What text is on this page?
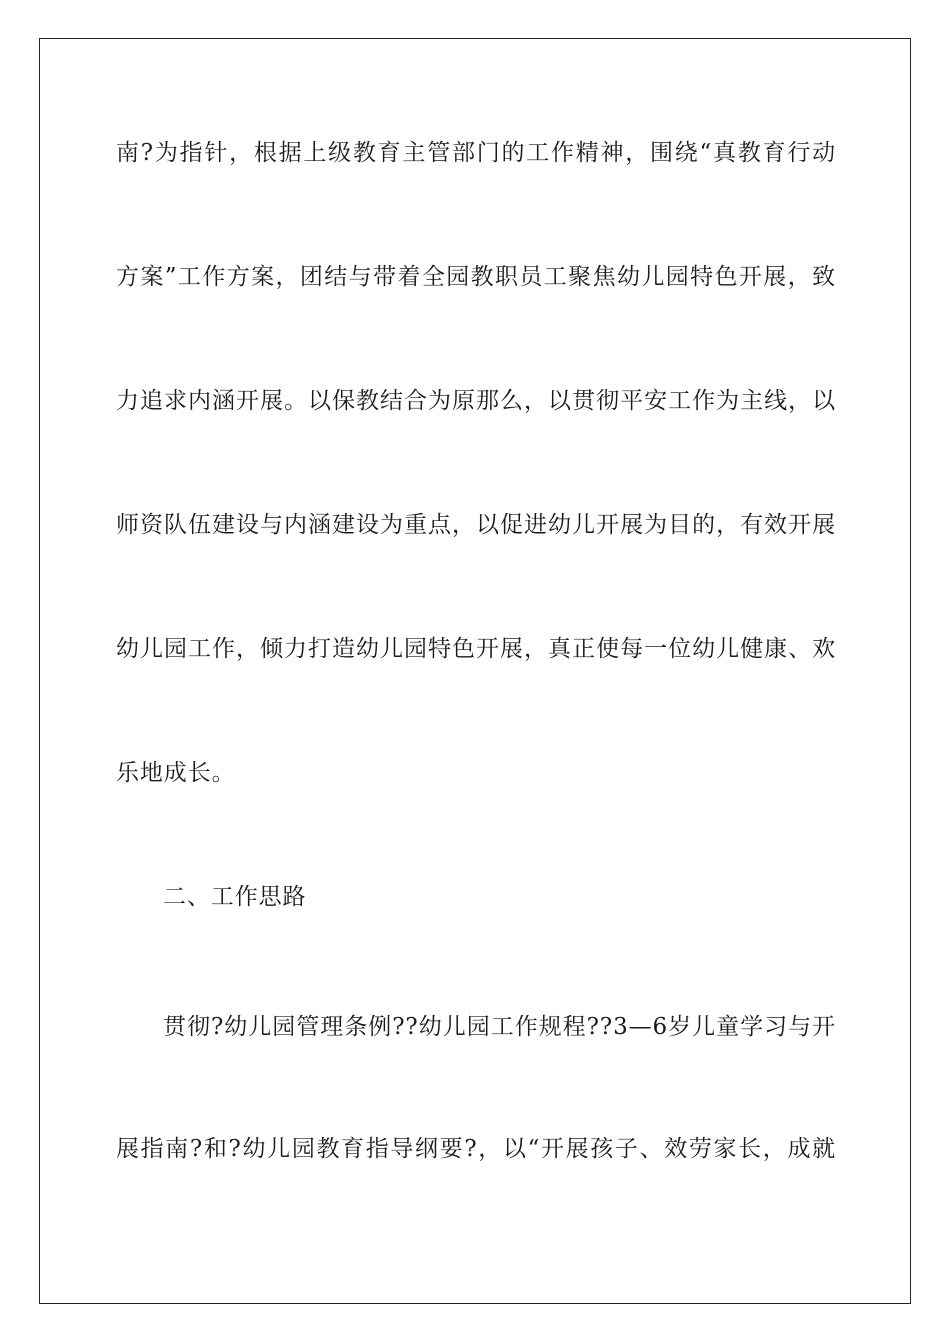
南?为指针，根据上级教育主管部门的工作精神，围绕“真教育行动
方案”工作方案，团结与带着全园教职员工聚焦幼儿园特色开展，致
力追求内涵开展。以保教结合为原那么，以贯彻平安工作为主线，以
师资队伍建设与内涵建设为重点，以促进幼儿开展为目的，有效开展
幼儿园工作，倾力打造幼儿园特色开展，真正使每一位幼儿健康、欢
乐地成长。
二、工作思路
贯彻?幼儿园管理条例??幼儿园工作规程??3—6岁儿童学习与开
展指南?和?幼儿园教育指导纲要?，以“开展孩子、效劳家长，成就
